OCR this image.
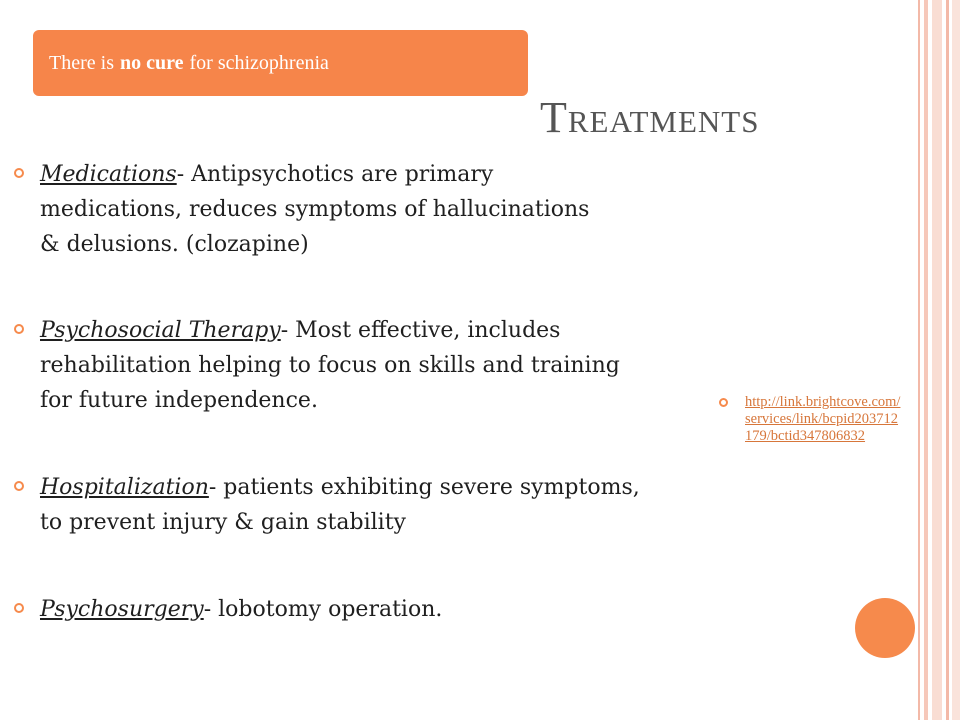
There is no cure for schizophrenia
Treatments
Medications- Antipsychotics are primary medications, reduces symptoms of hallucinations & delusions. (clozapine)
Psychosocial Therapy- Most effective, includes rehabilitation helping to focus on skills and training for future independence.
Hospitalization- patients exhibiting severe symptoms, to prevent injury & gain stability
Psychosurgery- lobotomy operation.
http://link.brightcove.com/services/link/bcpid203712179/bctid347806832
